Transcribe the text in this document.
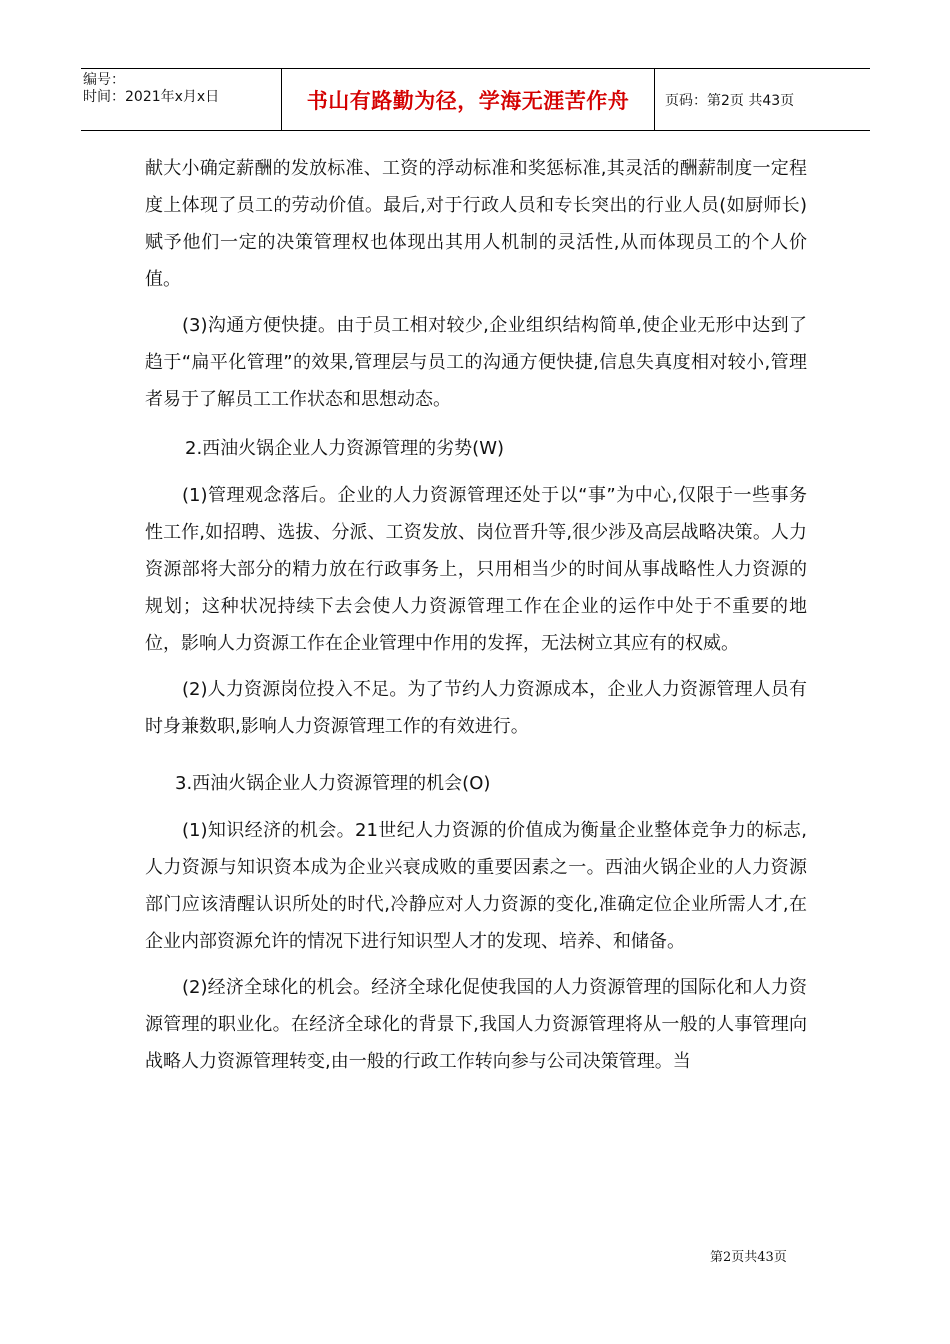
编号：
时间：2021年x月x日	书山有路勤为径，学海无涯苦作舟	页码：第2页 共43页

献大小确定薪酬的发放标准、工资的浮动标准和奖惩标准,其灵活的酬薪制度一定程度上体现了员工的劳动价值。最后,对于行政人员和专长突出的行业人员(如厨师长)赋予他们一定的决策管理权也体现出其用人机制的灵活性,从而体现员工的个人价值。

(3)沟通方便快捷。由于员工相对较少,企业组织结构简单,使企业无形中达到了趋于“扁平化管理”的效果,管理层与员工的沟通方便快捷,信息失真度相对较小,管理者易于了解员工工作状态和思想动态。

2.西油火锅企业人力资源管理的劣势(W)

(1)管理观念落后。企业的人力资源管理还处于以“事”为中心,仅限于一些事务性工作,如招聘、选拔、分派、工资发放、岗位晋升等,很少涉及高层战略决策。人力资源部将大部分的精力放在行政事务上，只用相当少的时间从事战略性人力资源的规划；这种状况持续下去会使人力资源管理工作在企业的运作中处于不重要的地位，影响人力资源工作在企业管理中作用的发挥，无法树立其应有的权威。

(2)人力资源岗位投入不足。为了节约人力资源成本，企业人力资源管理人员有时身兼数职,影响人力资源管理工作的有效进行。

3.西油火锅企业人力资源管理的机会(O)

(1)知识经济的机会。21世纪人力资源的价值成为衡量企业整体竞争力的标志,人力资源与知识资本成为企业兴衰成败的重要因素之一。西油火锅企业的人力资源部门应该清醒认识所处的时代,冷静应对人力资源的变化,准确定位企业所需人才,在企业内部资源允许的情况下进行知识型人才的发现、培养、和储备。

(2)经济全球化的机会。经济全球化促使我国的人力资源管理的国际化和人力资源管理的职业化。在经济全球化的背景下,我国人力资源管理将从一般的人事管理向战略人力资源管理转变,由一般的行政工作转向参与公司决策管理。当

第2页共43页
